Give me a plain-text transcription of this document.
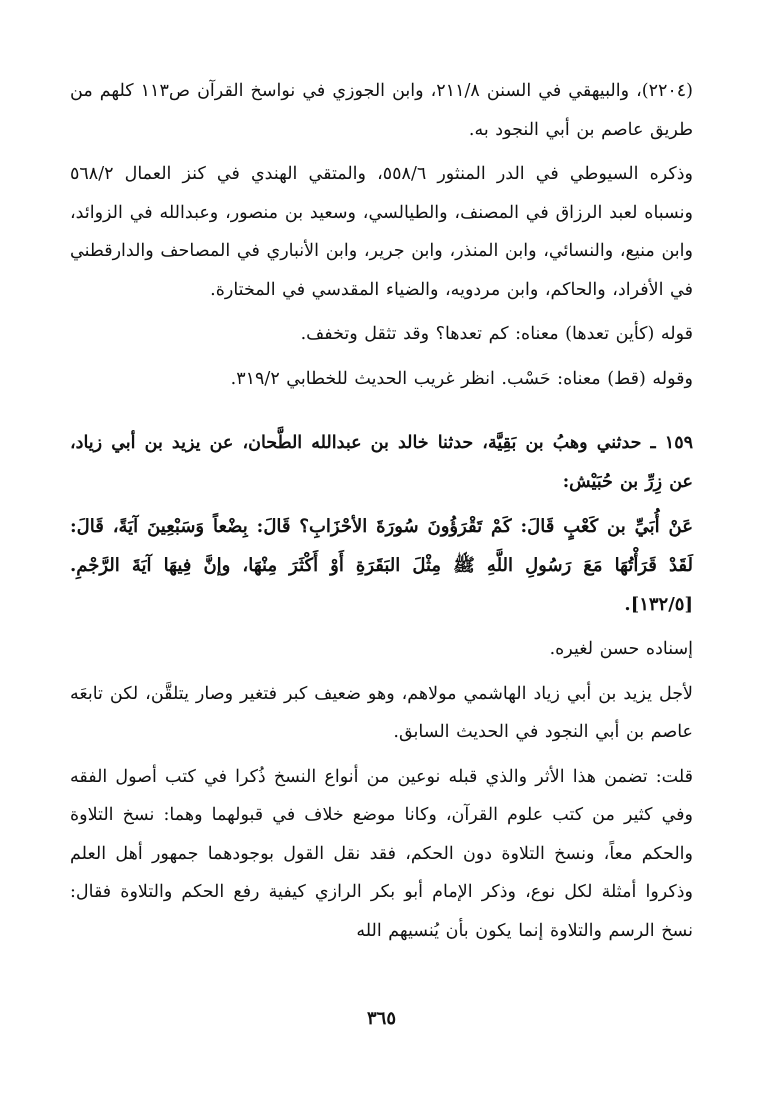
(٢٢٠٤)، والبيهقي في السنن ٢١١/٨، وابن الجوزي في نواسخ القرآن ص١١٣ كلهم من طريق عاصم بن أبي النجود به.

وذكره السيوطي في الدر المنثور ٥٥٨/٦، والمتقي الهندي في كنز العمال ٥٦٨/٢ ونسباه لعبد الرزاق في المصنف، والطيالسي، وسعيد بن منصور، وعبدالله في الزوائد، وابن منيع، والنسائي، وابن المنذر، وابن جرير، وابن الأنباري في المصاحف والدارقطني في الأفراد، والحاكم، وابن مردويه، والضياء المقدسي في المختارة.

قوله (كأين تعدها) معناه: كم تعدها؟ وقد تثقل وتخفف.

وقوله (قط) معناه: حَسْب. انظر غريب الحديث للخطابي ٣١٩/٢.

١٥٩ ـ حدثني وهبُ بن بَقِيَّة، حدثنا خالد بن عبدالله الطَّحان، عن يزيد بن أبي زياد، عن زِرِّ بن حُبَيْش:

عَنْ أُبَيِّ بن كَعْبٍ قَالَ: كَمْ تَقْرَؤُونَ سُورَةَ الأحْزَابِ؟ قَالَ: بِضْعاً وَسَبْعِينَ آيَةً، قَالَ: لَقَدْ قَرَأْتُهَا مَعَ رَسُولِ اللَّهِ ﷺ مِثْلَ البَقَرَةِ أَوْ أَكْثَرَ مِنْهَا، وإنَّ فِيهَا آيَةَ الرَّجْمِ. [١٣٢/٥].

إسناده حسن لغيره.

لأجل يزيد بن أبي زياد الهاشمي مولاهم، وهو ضعيف كبر فتغير وصار يتلقَّن، لكن تابعَه عاصم بن أبي النجود في الحديث السابق.

قلت: تضمن هذا الأثر والذي قبله نوعين من أنواع النسخ ذُكرا في كتب أصول الفقه وفي كثير من كتب علوم القرآن، وكانا موضع خلاف في قبولهما وهما: نسخ التلاوة والحكم معاً، ونسخ التلاوة دون الحكم، فقد نقل القول بوجودهما جمهور أهل العلم وذكروا أمثلة لكل نوع، وذكر الإمام أبو بكر الرازي كيفية رفع الحكم والتلاوة فقال: نسخ الرسم والتلاوة إنما يكون بأن يُنسيهم الله

٣٦٥
